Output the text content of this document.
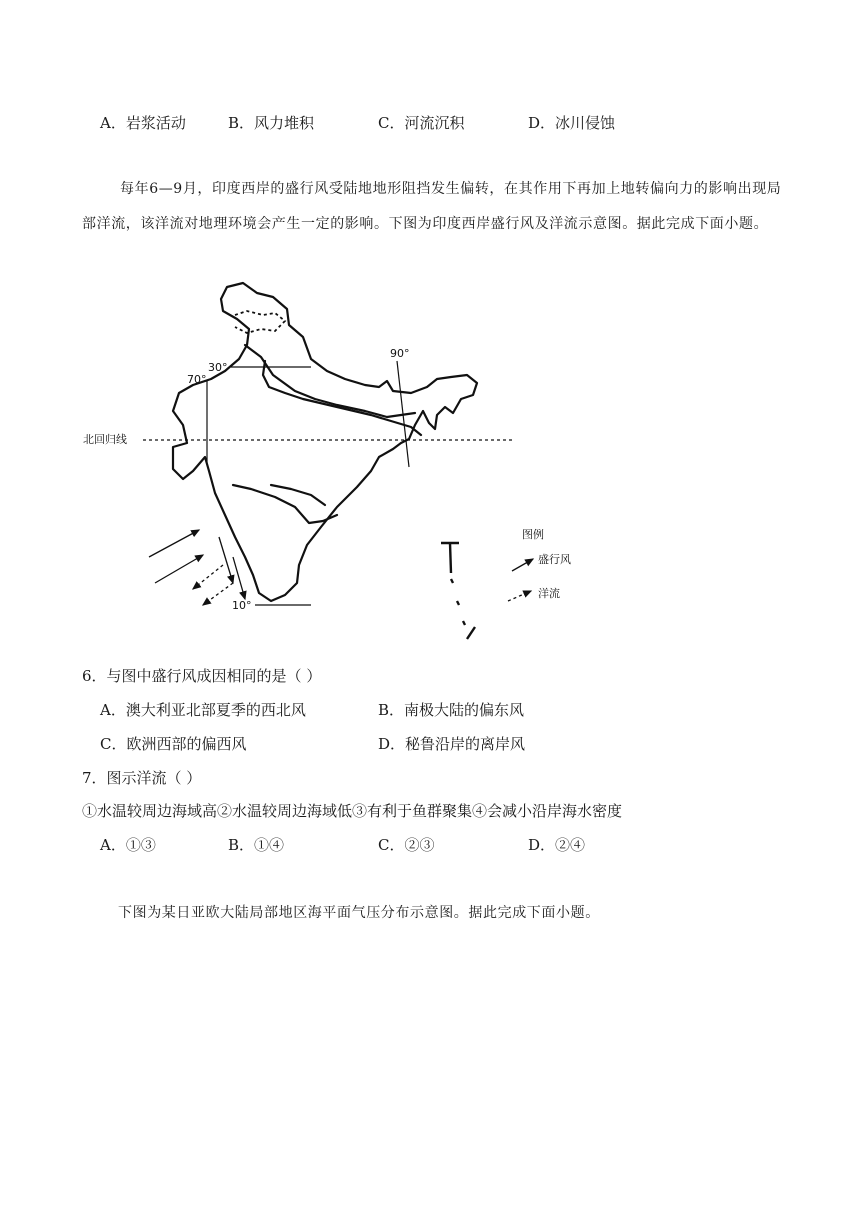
A．岩浆活动	B．风力堆积	C．河流沉积	D．冰川侵蚀
每年6—9月，印度西岸的盛行风受陆地地形阻挡发生偏转，在其作用下再加上地转偏向力的影响出现局部洋流，该洋流对地理环境会产生一定的影响。下图为印度西岸盛行风及洋流示意图。据此完成下面小题。
北回归线
30°
70°
90°
10°
图例
盛行风
洋流
6．与图中盛行风成因相同的是（ ）
A．澳大利亚北部夏季的西北风	B．南极大陆的偏东风
C．欧洲西部的偏西风	D．秘鲁沿岸的离岸风
7．图示洋流（ ）
①水温较周边海域高②水温较周边海域低③有利于鱼群聚集④会减小沿岸海水密度
A．①③	B．①④	C．②③	D．②④
下图为某日亚欧大陆局部地区海平面气压分布示意图。据此完成下面小题。
